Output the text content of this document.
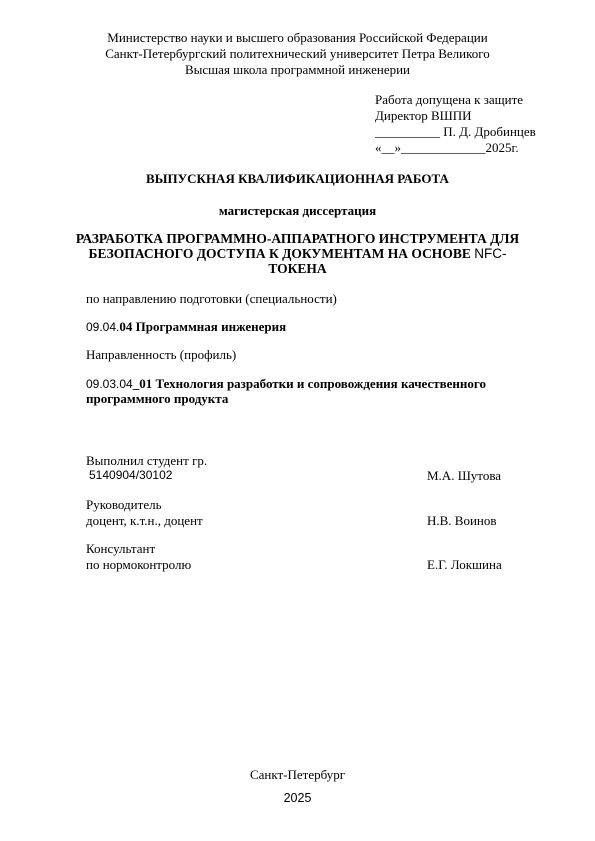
Министерство науки и высшего образования Российской Федерации
Санкт-Петербургский политехнический университет Петра Великого
Высшая школа программной инженерии
Работа допущена к защите
Директор ВШПИ
__________ П. Д. Дробинцев
«__»_____________2025г.
ВЫПУСКНАЯ КВАЛИФИКАЦИОННАЯ РАБОТА
магистерская диссертация
РАЗРАБОТКА ПРОГРАММНО-АППАРАТНОГО ИНСТРУМЕНТА ДЛЯ
БЕЗОПАСНОГО ДОСТУПА К ДОКУМЕНТАМ НА ОСНОВЕ NFC-
ТОКЕНА
по направлению подготовки (специальности)
09.04.04 Программная инженерия
Направленность (профиль)
09.03.04_01 Технология разработки и сопровождения качественного
программного продукта
Выполнил студент гр.
5140904/30102	М.А. Шутова
Руководитель
доцент, к.т.н., доцент	Н.В. Воинов
Консультант
по нормоконтролю	Е.Г. Локшина
Санкт-Петербург
2025
